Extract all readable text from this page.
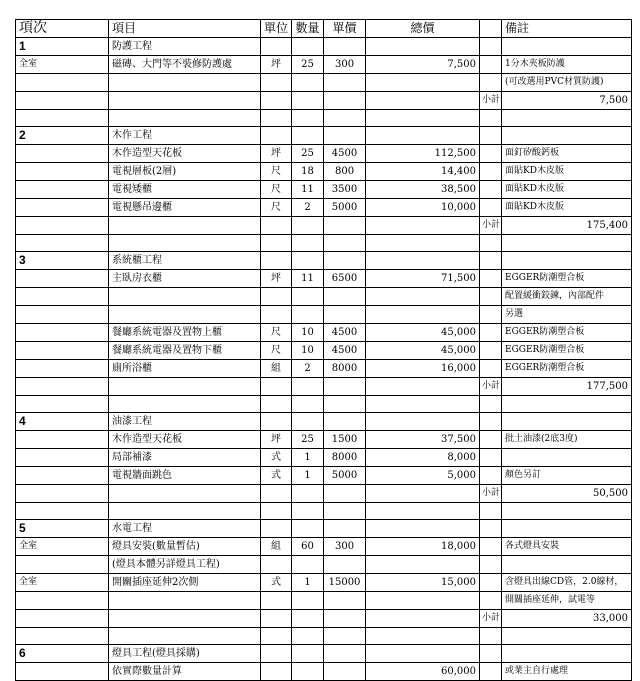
項次	項目	單位	數量	單價	總價		備註
1	防護工程						
全室	磁磚、大門等不裝修防護處	坪	25	300	7,500		1分木夾板防護
							(可改選用PVC材質防護)
						小計	7,500

2	木作工程						
	木作造型天花板	坪	25	4500	112,500		面釘矽酸鈣板
	電視層板(2層)	尺	18	800	14,400		面貼KD木皮版
	電視矮櫃	尺	11	3500	38,500		面貼KD木皮版
	電視懸吊邊櫃	尺	2	5000	10,000		面貼KD木皮版
						小計	175,400

3	系統櫃工程						
	主臥房衣櫃	坪	11	6500	71,500		EGGER防潮塑合板
							配置緩衝鉸鍊，內部配件
							另選
	餐廳系統電器及置物上櫃	尺	10	4500	45,000		EGGER防潮塑合板
	餐廳系統電器及置物下櫃	尺	10	4500	45,000		EGGER防潮塑合板
	廁所浴櫃	組	2	8000	16,000		EGGER防潮塑合板
						小計	177,500

4	油漆工程						
	木作造型天花板	坪	25	1500	37,500		批土油漆(2底3度)
	局部補漆	式	1	8000	8,000		
	電視牆面跳色	式	1	5000	5,000		顏色另訂
						小計	50,500

5	水電工程						
全室	燈具安裝(數量暫估)	組	60	300	18,000		各式燈具安裝
	(燈具本體另詳燈具工程)						
全室	開關插座延伸2次側	式	1	15000	15,000		含燈具出線CD管，2.0線材，
							開關插座延伸，試電等
						小計	33,000

6	燈具工程(燈具採購)						
	依實際數量計算				60,000		或業主自行處理
